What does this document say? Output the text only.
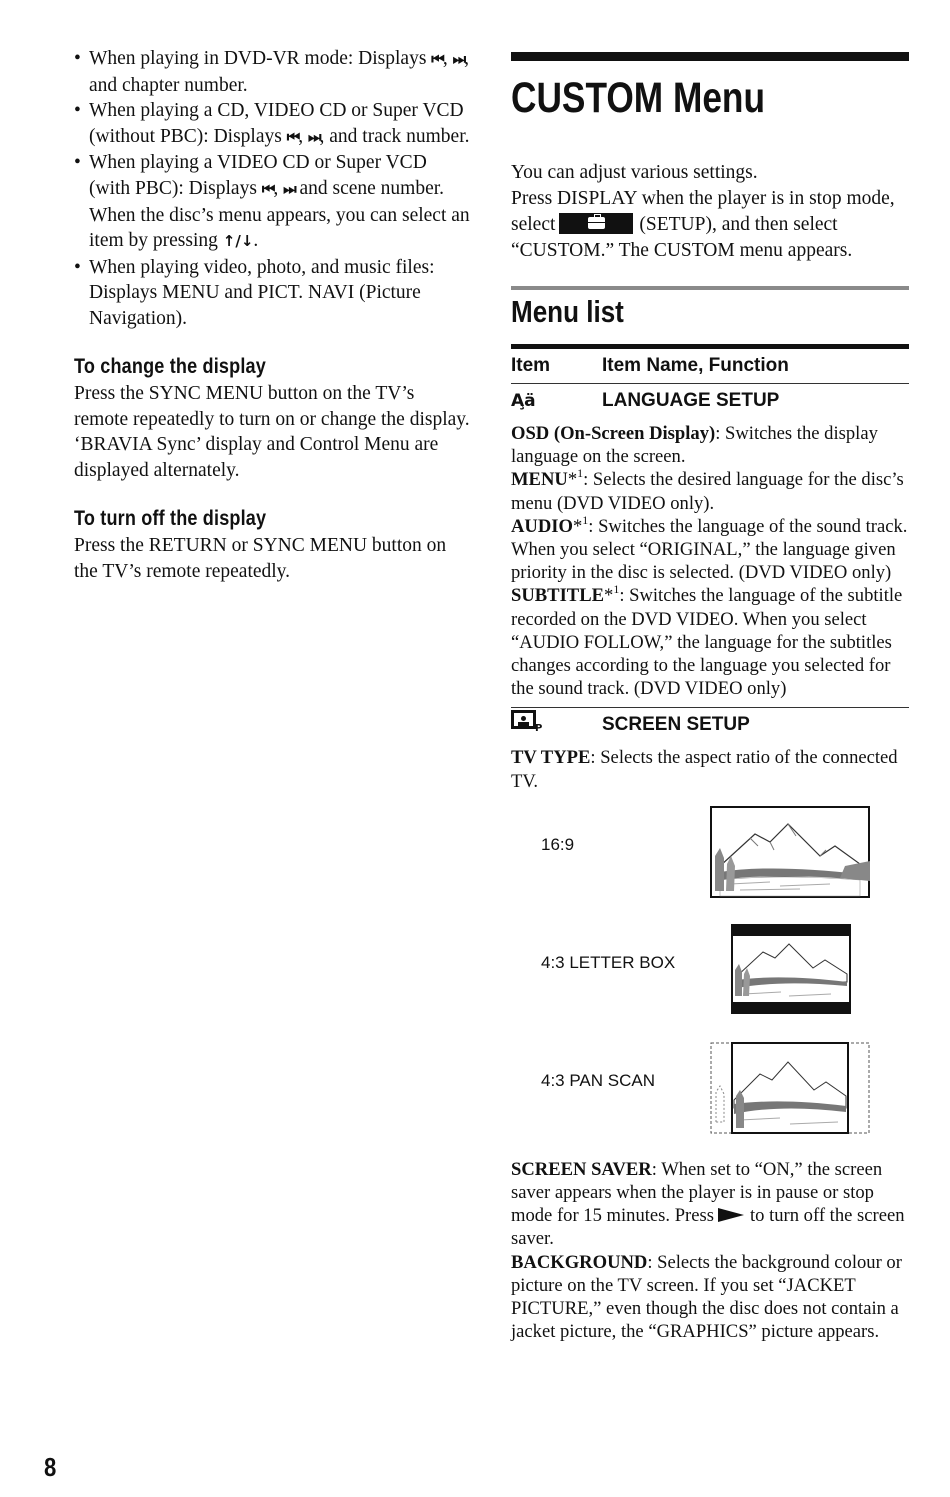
• When playing in DVD-VR mode: Displays ⏮, ⏭, and chapter number.
• When playing a CD, VIDEO CD or Super VCD (without PBC): Displays ⏮, ⏭, and track number.
• When playing a VIDEO CD or Super VCD (with PBC): Displays ⏮, ⏭ and scene number. When the disc’s menu appears, you can select an item by pressing ↑/↓.
• When playing video, photo, and music files: Displays MENU and PICT. NAVI (Picture Navigation).
To change the display

Press the SYNC MENU button on the TV’s remote repeatedly to turn on or change the display. ‘BRAVIA Sync’ display and Control Menu are displayed alternately.

To turn off the display

Press the RETURN or SYNC MENU button on the TV’s remote repeatedly.

CUSTOM Menu

You can adjust various settings.

Press DISPLAY when the player is in stop mode, select	(SETUP), and then select “CUSTOM.” The CUSTOM menu appears.

Menu list
Item	Item Name, Function
A̧ä	LANGUAGE SETUP

OSD (On-Screen Display): Switches the display language on the screen.

MENU*$^1$: Selects the desired language for the disc’s menu (DVD VIDEO only).

AUDIO*$^1$: Switches the language of the sound track. When you select “ORIGINAL,” the language given priority in the disc is selected. (DVD VIDEO only)

SUBTITLE*$^1$: Switches the language of the subtitle recorded on the DVD VIDEO. When you select “AUDIO FOLLOW,” the language for the subtitles changes according to the language you selected for the sound track. (DVD VIDEO only)

P	SCREEN SETUP

TV TYPE: Selects the aspect ratio of the connected TV.

16:9
4:3 LETTER BOX
4:3 PAN SCAN

SCREEN SAVER: When set to “ON,” the screen saver appears when the player is in pause or stop mode for 15 minutes. Press to turn off the screen saver.

BACKGROUND: Selects the background colour or picture on the TV screen. If you set “JACKET PICTURE,” even though the disc does not contain a jacket picture, the “GRAPHICS” picture appears.

8
